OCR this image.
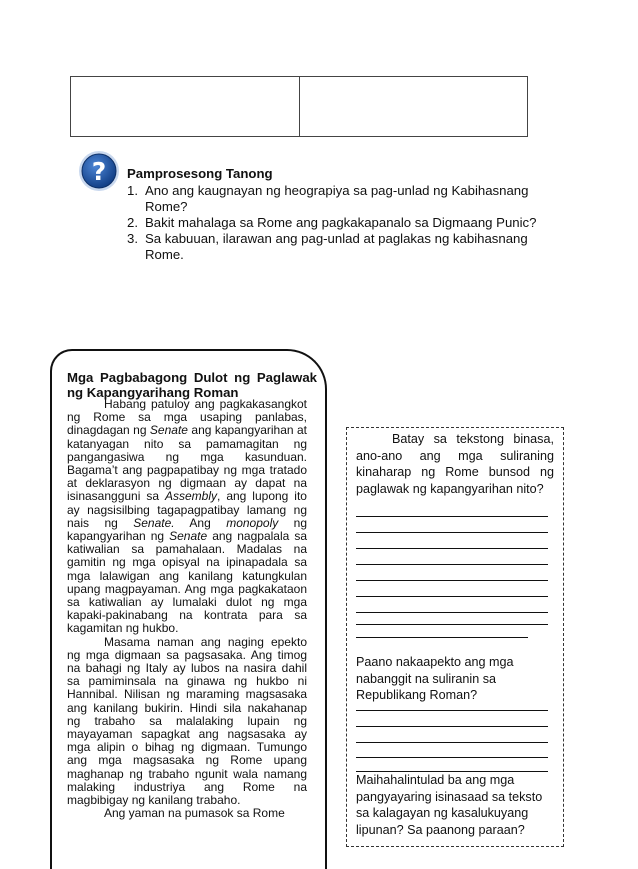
? Pamprosesong Tanong
1. Ano ang kaugnayan ng heograpiya sa pag-unlad ng Kabihasnang Rome?
2. Bakit mahalaga sa Rome ang pagkakapanalo sa Digmaang Punic?
3. Sa kabuuan, ilarawan ang pag-unlad at paglakas ng kabihasnang Rome.
Mga Pagbabagong Dulot ng Paglawak ng Kapangyarihang Roman

Habang patuloy ang pagkakasangkot ng Rome sa mga usaping panlabas, dinagdagan ng Senate ang kapangyarihan at katanyagan nito sa pamamagitan ng pangangasiwa ng mga kasunduan. Bagama’t ang pagpapatibay ng mga tratado at deklarasyon ng digmaan ay dapat na isinasangguni sa Assembly, ang lupong ito ay nagsisilbing tagapagpatibay lamang ng nais ng Senate. Ang monopoly ng kapangyarihan ng Senate ang nagpalala sa katiwalian sa pamahalaan. Madalas na gamitin ng mga opisyal na ipinapadala sa mga lalawigan ang kanilang katungkulan upang magpayaman. Ang mga pagkakataon sa katiwalian ay lumalaki dulot ng mga kapaki-pakinabang na kontrata para sa kagamitan ng hukbo.

Masama naman ang naging epekto ng mga digmaan sa pagsasaka. Ang timog na bahagi ng Italy ay lubos na nasira dahil sa pamiminsala na ginawa ng hukbo ni Hannibal. Nilisan ng maraming magsasaka ang kanilang bukirin. Hindi sila nakahanap ng trabaho sa malalaking lupain ng mayayaman sapagkat ang nagsasaka ay mga alipin o bihag ng digmaan. Tumungo ang mga magsasaka ng Rome upang maghanap ng trabaho ngunit wala namang malaking industriya ang Rome na magbibigay ng kanilang trabaho.

Ang yaman na pumasok sa Rome

Batay sa tekstong binasa, ano-ano ang mga suliraning kinaharap ng Rome bunsod ng paglawak ng kapangyarihan nito?
Paano nakaapekto ang mga nabanggit na suliranin sa Republikang Roman?
Maihahalintulad ba ang mga pangyayaring isinasaad sa teksto sa kalagayan ng kasalukuyang lipunan? Sa paanong paraan?
